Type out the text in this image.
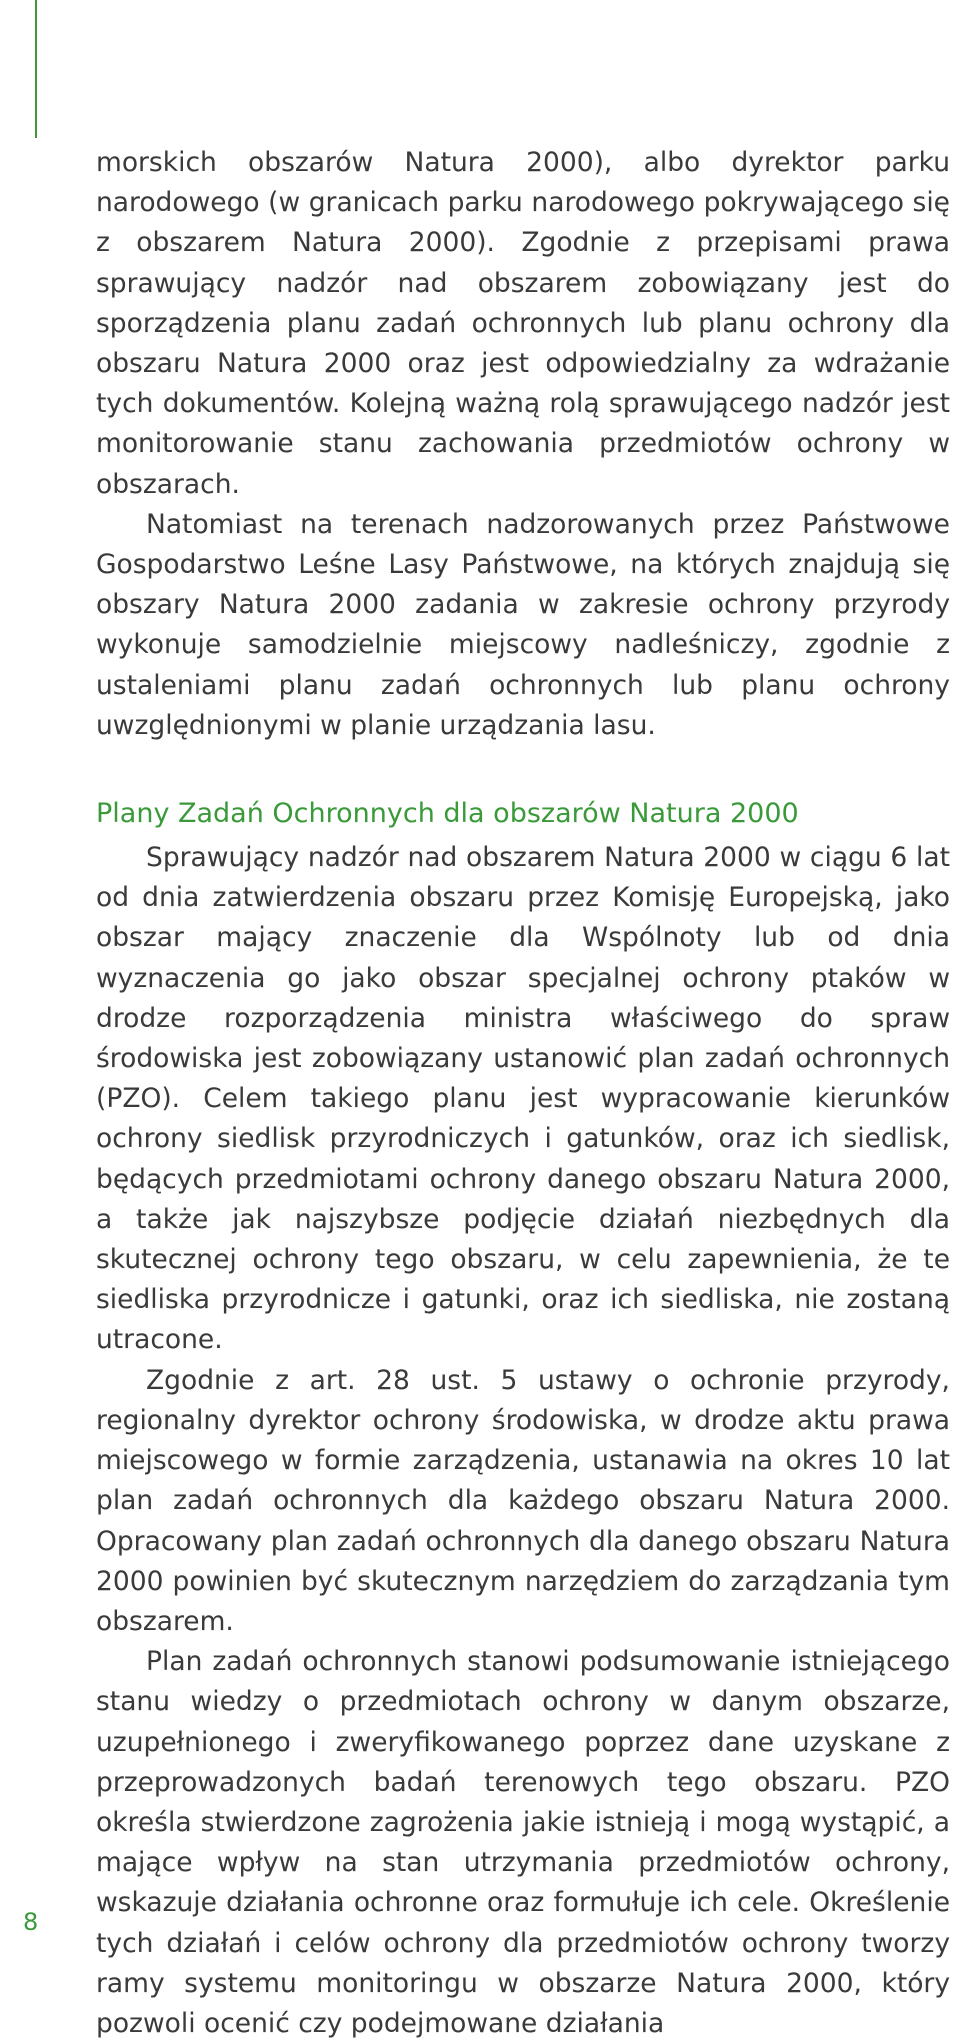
morskich obszarów Natura 2000), albo dyrektor parku narodowego (w granicach parku narodowego pokrywającego się z obszarem Natura 2000). Zgodnie z przepisami prawa sprawujący nadzór nad obszarem zobowiązany jest do sporządzenia planu zadań ochronnych lub planu ochrony dla obszaru Natura 2000 oraz jest odpowiedzialny za wdrażanie tych dokumentów. Kolejną ważną rolą sprawującego nadzór jest monitorowanie stanu zachowania przedmiotów ochrony w obszarach.

Natomiast na terenach nadzorowanych przez Państwowe Gospodarstwo Leśne Lasy Państwowe, na których znajdują się obszary Natura 2000 zadania w zakresie ochrony przyrody wykonuje samodzielnie miejscowy nadleśniczy, zgodnie z ustaleniami planu zadań ochronnych lub planu ochrony uwzględnionymi w planie urządzania lasu.

Plany Zadań Ochronnych dla obszarów Natura 2000

Sprawujący nadzór nad obszarem Natura 2000 w ciągu 6 lat od dnia zatwierdzenia obszaru przez Komisję Europejską, jako obszar mający znaczenie dla Wspólnoty lub od dnia wyznaczenia go jako obszar specjalnej ochrony ptaków w drodze rozporządzenia ministra właściwego do spraw środowiska jest zobowiązany ustanowić plan zadań ochronnych (PZO). Celem takiego planu jest wypracowanie kierunków ochrony siedlisk przyrodniczych i gatunków, oraz ich siedlisk, będących przedmiotami ochrony danego obszaru Natura 2000, a także jak najszybsze podjęcie działań niezbędnych dla skutecznej ochrony tego obszaru, w celu zapewnienia, że te siedliska przyrodnicze i gatunki, oraz ich siedliska, nie zostaną utracone.

Zgodnie z art. 28 ust. 5 ustawy o ochronie przyrody, regionalny dyrektor ochrony środowiska, w drodze aktu prawa miejscowego w formie zarządzenia, ustanawia na okres 10 lat plan zadań ochronnych dla każdego obszaru Natura 2000. Opracowany plan zadań ochronnych dla danego obszaru Natura 2000 powinien być skutecznym narzędziem do zarządzania tym obszarem.

Plan zadań ochronnych stanowi podsumowanie istniejącego stanu wiedzy o przedmiotach ochrony w danym obszarze, uzupełnionego i zweryfikowanego poprzez dane uzyskane z przeprowadzonych badań terenowych tego obszaru. PZO określa stwierdzone zagrożenia jakie istnieją i mogą wystąpić, a mające wpływ na stan utrzymania przedmiotów ochrony, wskazuje działania ochronne oraz formułuje ich cele. Określenie tych działań i celów ochrony dla przedmiotów ochrony tworzy ramy systemu monitoringu w obszarze Natura 2000, który pozwoli ocenić czy podejmowane działania

8
